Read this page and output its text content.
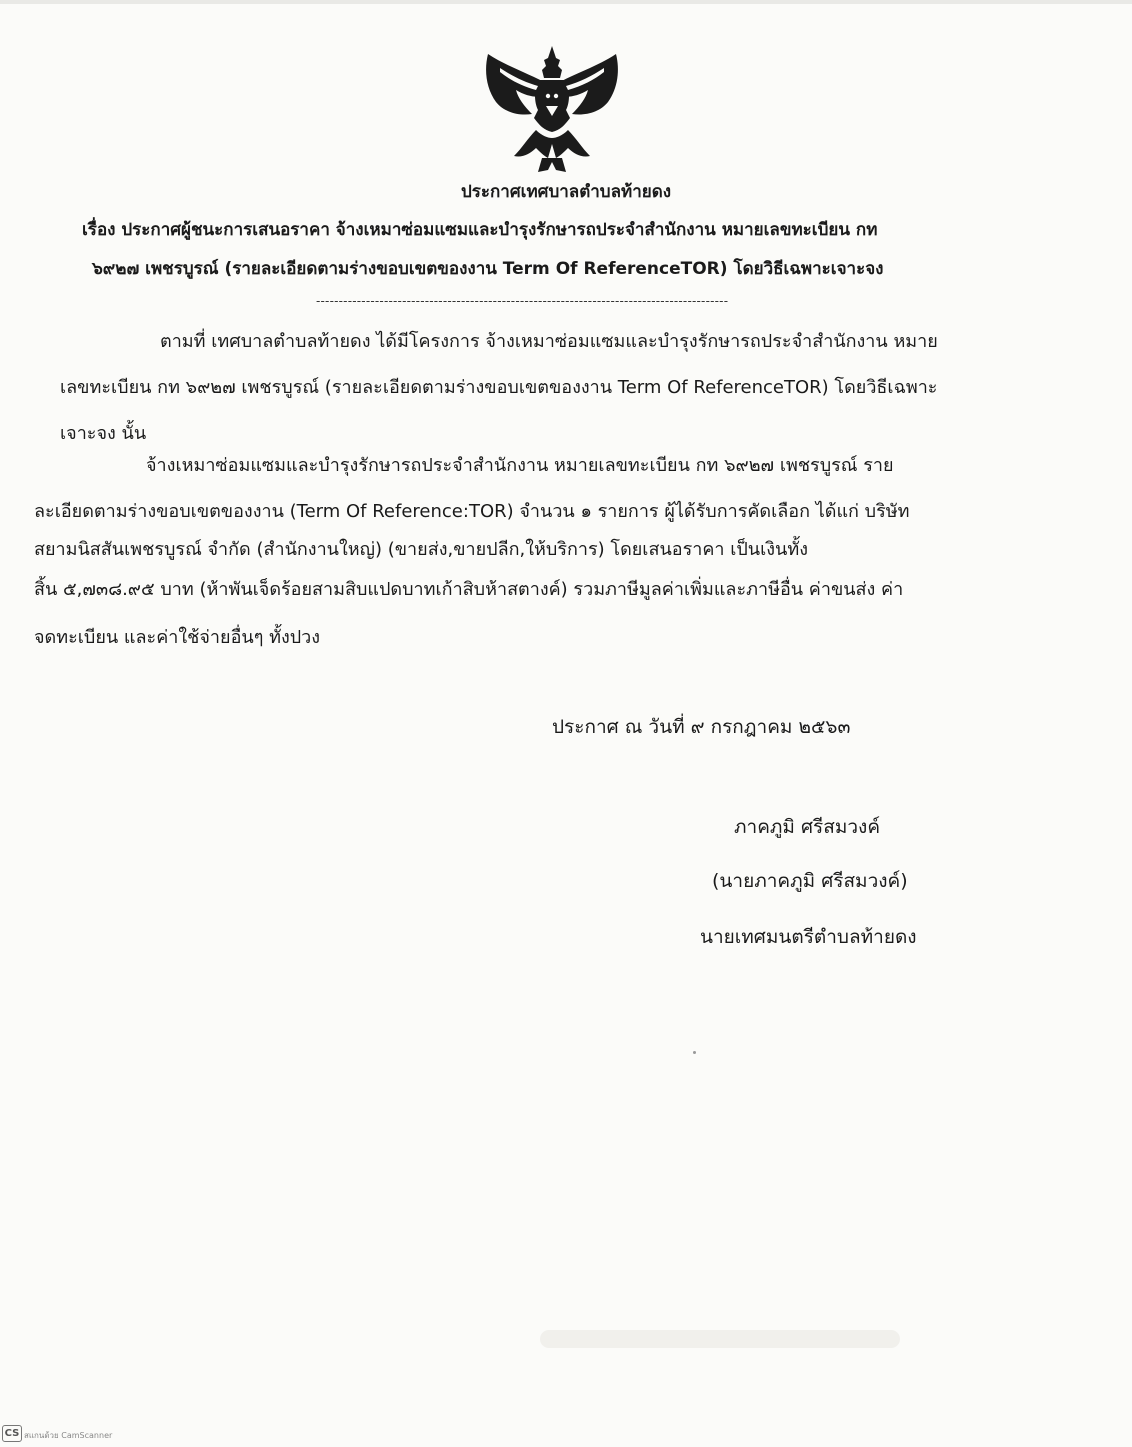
ประกาศเทศบาลตำบลท้ายดง
เรื่อง ประกาศผู้ชนะการเสนอราคา จ้างเหมาซ่อมแซมและบำรุงรักษารถประจำสำนักงาน หมายเลขทะเบียน กท
๖๙๒๗ เพชรบูรณ์ (รายละเอียดตามร่างขอบเขตของงาน Term Of ReferenceTOR) โดยวิธีเฉพาะเจาะจง
-------------------------------------------------------------------------------------------
ตามที่ เทศบาลตำบลท้ายดง ได้มีโครงการ จ้างเหมาซ่อมแซมและบำรุงรักษารถประจำสำนักงาน หมาย
เลขทะเบียน กท ๖๙๒๗ เพชรบูรณ์ (รายละเอียดตามร่างขอบเขตของงาน Term Of ReferenceTOR) โดยวิธีเฉพาะ
เจาะจง นั้น
จ้างเหมาซ่อมแซมและบำรุงรักษารถประจำสำนักงาน หมายเลขทะเบียน กท ๖๙๒๗ เพชรบูรณ์ ราย
ละเอียดตามร่างขอบเขตของงาน (Term Of Reference:TOR) จำนวน ๑ รายการ ผู้ได้รับการคัดเลือก ได้แก่ บริษัท
สยามนิสสันเพชรบูรณ์ จำกัด (สำนักงานใหญ่) (ขายส่ง,ขายปลีก,ให้บริการ) โดยเสนอราคา เป็นเงินทั้ง
สิ้น ๕,๗๓๘.๙๕ บาท (ห้าพันเจ็ดร้อยสามสิบแปดบาทเก้าสิบห้าสตางค์) รวมภาษีมูลค่าเพิ่มและภาษีอื่น ค่าขนส่ง ค่า
จดทะเบียน และค่าใช้จ่ายอื่นๆ ทั้งปวง
ประกาศ ณ วันที่ ๙ กรกฎาคม ๒๕๖๓
ภาคภูมิ ศรีสมวงค์
(นายภาคภูมิ ศรีสมวงค์)
นายเทศมนตรีตำบลท้ายดง
CS สแกนด้วย CamScanner
